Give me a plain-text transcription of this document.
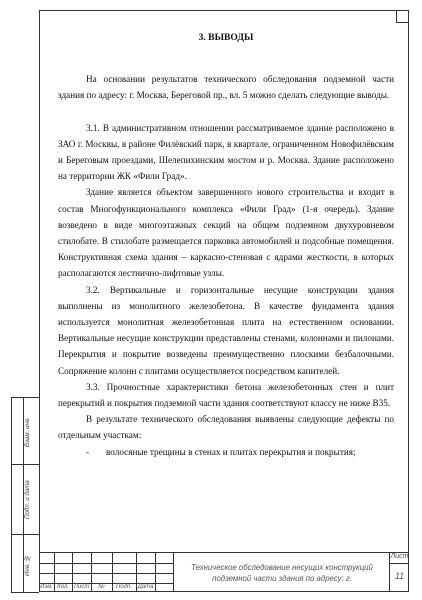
3. ВЫВОДЫ

На основании результатов технического обследования подземной части здания по адресу: г. Москва, Береговой пр., вл. 5 можно сделать следующие выводы.

3.1. В административном отношении рассматриваемое здание расположено в ЗАО г. Москвы, в районе Филёвский парк, в квартале, ограниченном Новофилёвским и Береговым проездами, Шелепихинским мостом и р. Москва. Здание расположено на территории ЖК «Фили Град».

Здание является объектом завершенного нового строительства и входит в состав Многофункционального комплекса «Фили Град» (1-я очередь). Здание возведено в виде многоэтажных секций на общем подземном двухуровневом стилобате. В стилобате размещается парковка автомобилей и подсобные помещения. Конструктивная схема здания – каркасно-стеновая с ядрами жесткости, в которых располагаются лестнично-лифтовые узлы.

3.2. Вертикальные и горизонтальные несущие конструкции здания выполнены из монолитного железобетона. В качестве фундамента здания используется монолитная железобетонная плита на естественном основании. Вертикальные несущие конструкции представлены стенами, колоннами и пилонами. Перекрытия и покрытие возведены преимущественно плоскими безбалочными. Сопряжение колонн с плитами осуществляется посредством капителей.

3.3. Прочностные характеристики бетона железобетонных стен и плит перекрытий и покрытия подземной части здания соответствуют классу не ниже В35.

В результате технического обследования выявлены следующие дефекты по отдельным участкам:

-	волосяные трещины в стенах и плитах перекрытия и покрытия;
Взам. инв.
Подп. и дата
Инв. №
Изм. Кол. Лист	№	Подп. Дата
Техническое обследование несущих конструкций подземной части здания по адресу: г.
Лист
11
